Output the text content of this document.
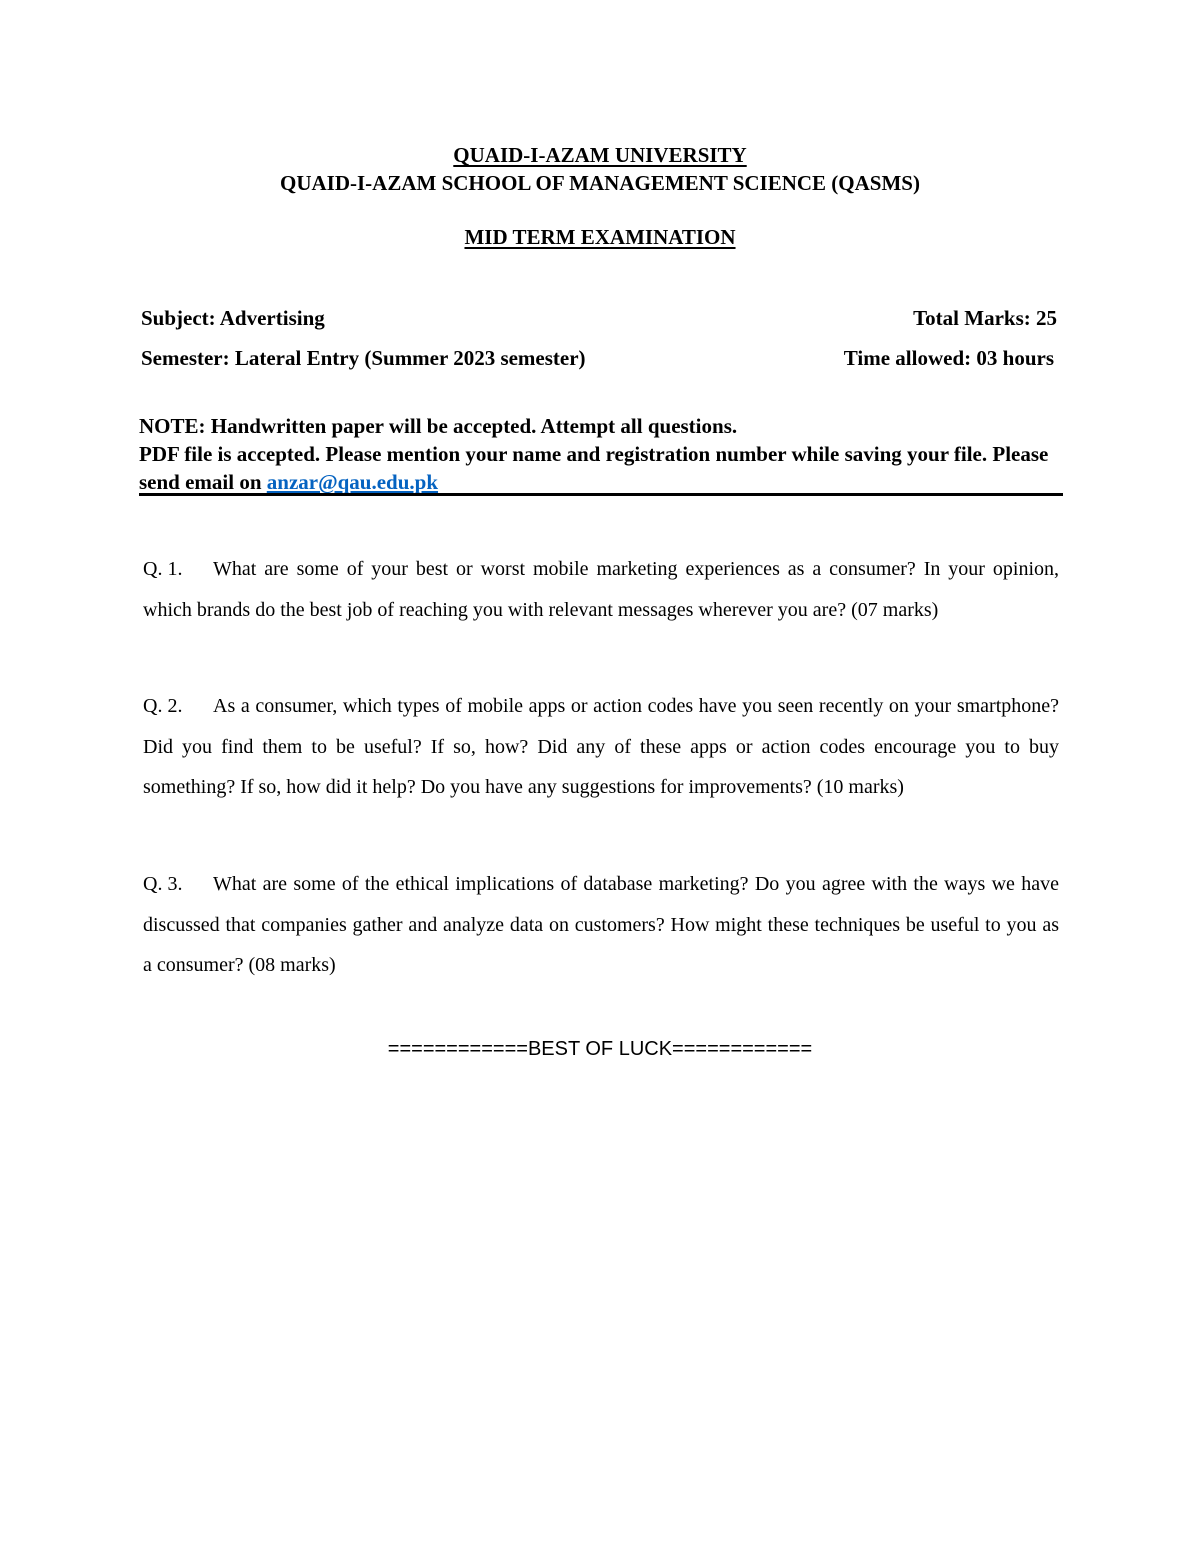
QUAID-I-AZAM UNIVERSITY

QUAID-I-AZAM SCHOOL OF MANAGEMENT SCIENCE (QASMS)

MID TERM EXAMINATION

Subject: Advertising	Total Marks: 25

Semester: Lateral Entry (Summer 2023 semester)	Time allowed: 03 hours

NOTE: Handwritten paper will be accepted. Attempt all questions.
PDF file is accepted. Please mention your name and registration number while saving your file. Please send email on anzar@qau.edu.pk
Q. 1. What are some of your best or worst mobile marketing experiences as a consumer? In your opinion, which brands do the best job of reaching you with relevant messages wherever you are? (07 marks)
Q. 2. As a consumer, which types of mobile apps or action codes have you seen recently on your smartphone? Did you find them to be useful? If so, how? Did any of these apps or action codes encourage you to buy something? If so, how did it help? Do you have any suggestions for improvements? (10 marks)
Q. 3. What are some of the ethical implications of database marketing? Do you agree with the ways we have discussed that companies gather and analyze data on customers? How might these techniques be useful to you as a consumer? (08 marks)

============BEST OF LUCK============
